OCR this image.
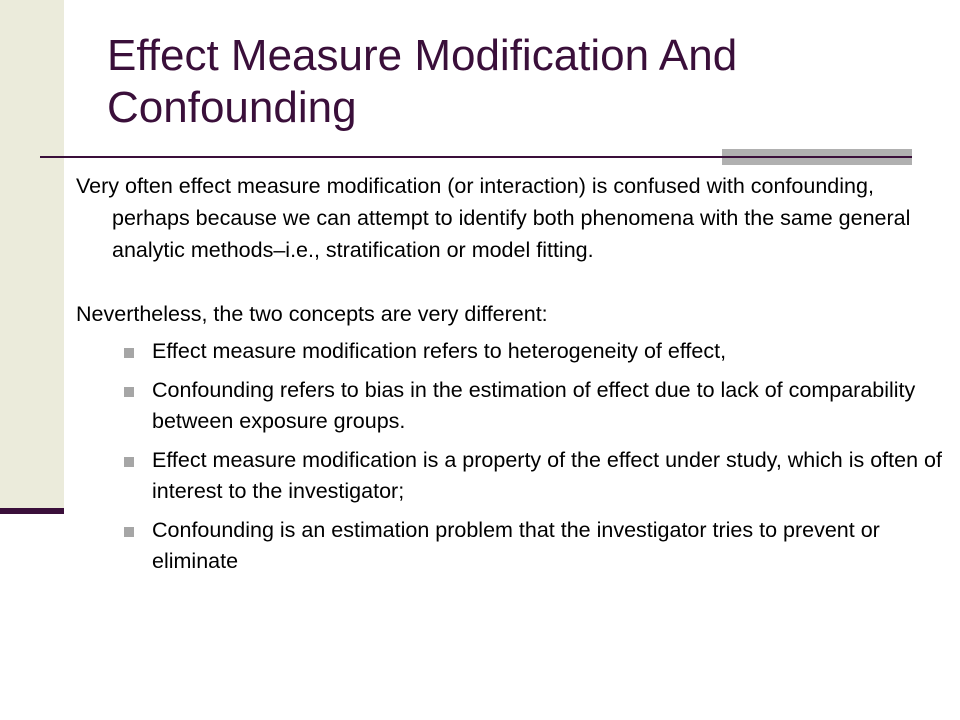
Effect Measure Modification And Confounding

Very often effect measure modification (or interaction) is confused with confounding, perhaps because we can attempt to identify both phenomena with the same general analytic methods–i.e., stratification or model fitting.

Nevertheless, the two concepts are very different:

Effect measure modification refers to heterogeneity of effect,
Confounding refers to bias in the estimation of effect due to lack of comparability between exposure groups.
Effect measure modification is a property of the effect under study, which is often of interest to the investigator;
Confounding is an estimation problem that the investigator tries to prevent or eliminate
